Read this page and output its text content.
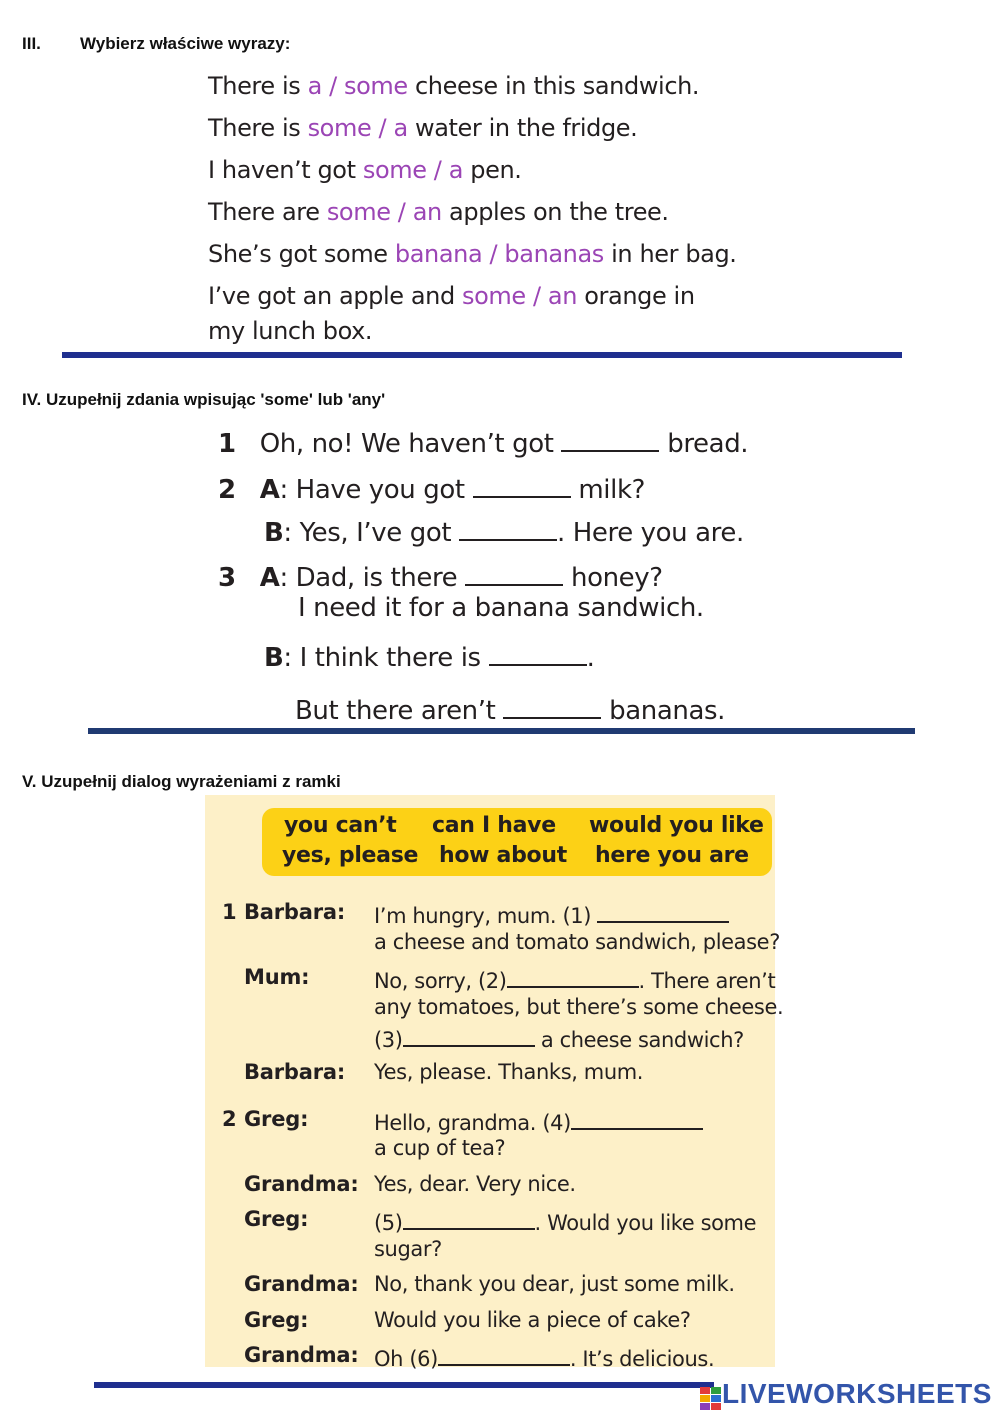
III. Wybierz właściwe wyrazy:
There is a / some cheese in this sandwich.
There is some / a water in the fridge.
I haven’t got some / a pen.
There are some / an apples on the tree.
She’s got some banana / bananas in her bag.
I’ve got an apple and some / an orange in
my lunch box.
IV. Uzupełnij zdania wpisując 'some' lub 'any'
1 Oh, no! We haven’t got	bread.
2 A: Have you got	milk?
B: Yes, I’ve got	. Here you are.
3 A: Dad, is there	honey?
I need it for a banana sandwich.
B: I think there is	.
But there aren’t	bananas.
V. Uzupełnij dialog wyrażeniami z ramki
you can’t can I have would you like
yes, please how about here you are
1 Barbara: I’m hungry, mum. (1)
a cheese and tomato sandwich, please?
Mum:	No, sorry, (2)	. There aren’t
any tomatoes, but there’s some cheese.
(3)	a cheese sandwich?
Barbara: Yes, please. Thanks, mum.
2 Greg:	Hello, grandma. (4)
a cup of tea?
Grandma: Yes, dear. Very nice.
Greg:	(5)	. Would you like some
sugar?
Grandma: No, thank you dear, just some milk.
Greg:	Would you like a piece of cake?
Grandma: Oh (6)	. It’s delicious.
LIVEWORKSHEETS
